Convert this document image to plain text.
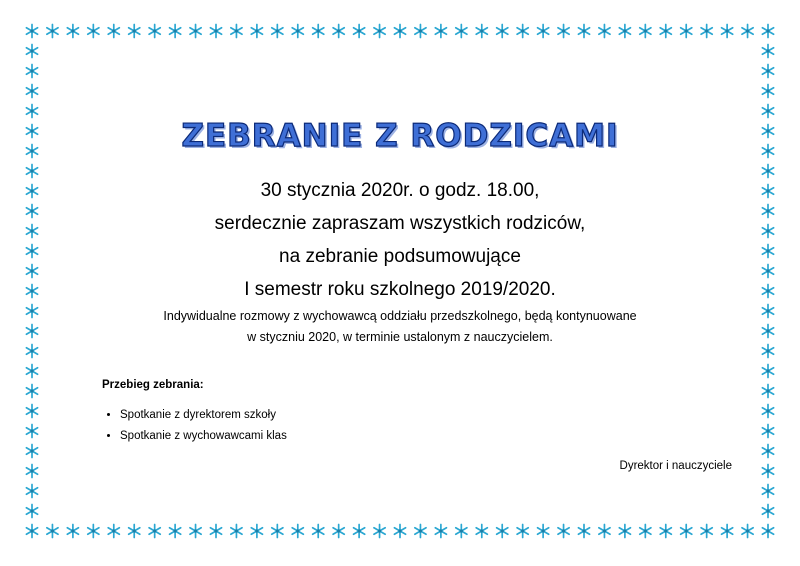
ZEBRANIE Z RODZICAMI
30 stycznia 2020r. o godz. 18.00,
serdecznie zapraszam wszystkich rodziców,
na zebranie podsumowujące
I semestr roku szkolnego 2019/2020.
Indywidualne rozmowy z wychowawcą oddziału przedszkolnego, będą kontynuowane
w styczniu 2020, w terminie ustalonym z nauczycielem.
Przebieg zebrania:
• Spotkanie z dyrektorem szkoły
• Spotkanie z wychowawcami klas
Dyrektor i nauczyciele
